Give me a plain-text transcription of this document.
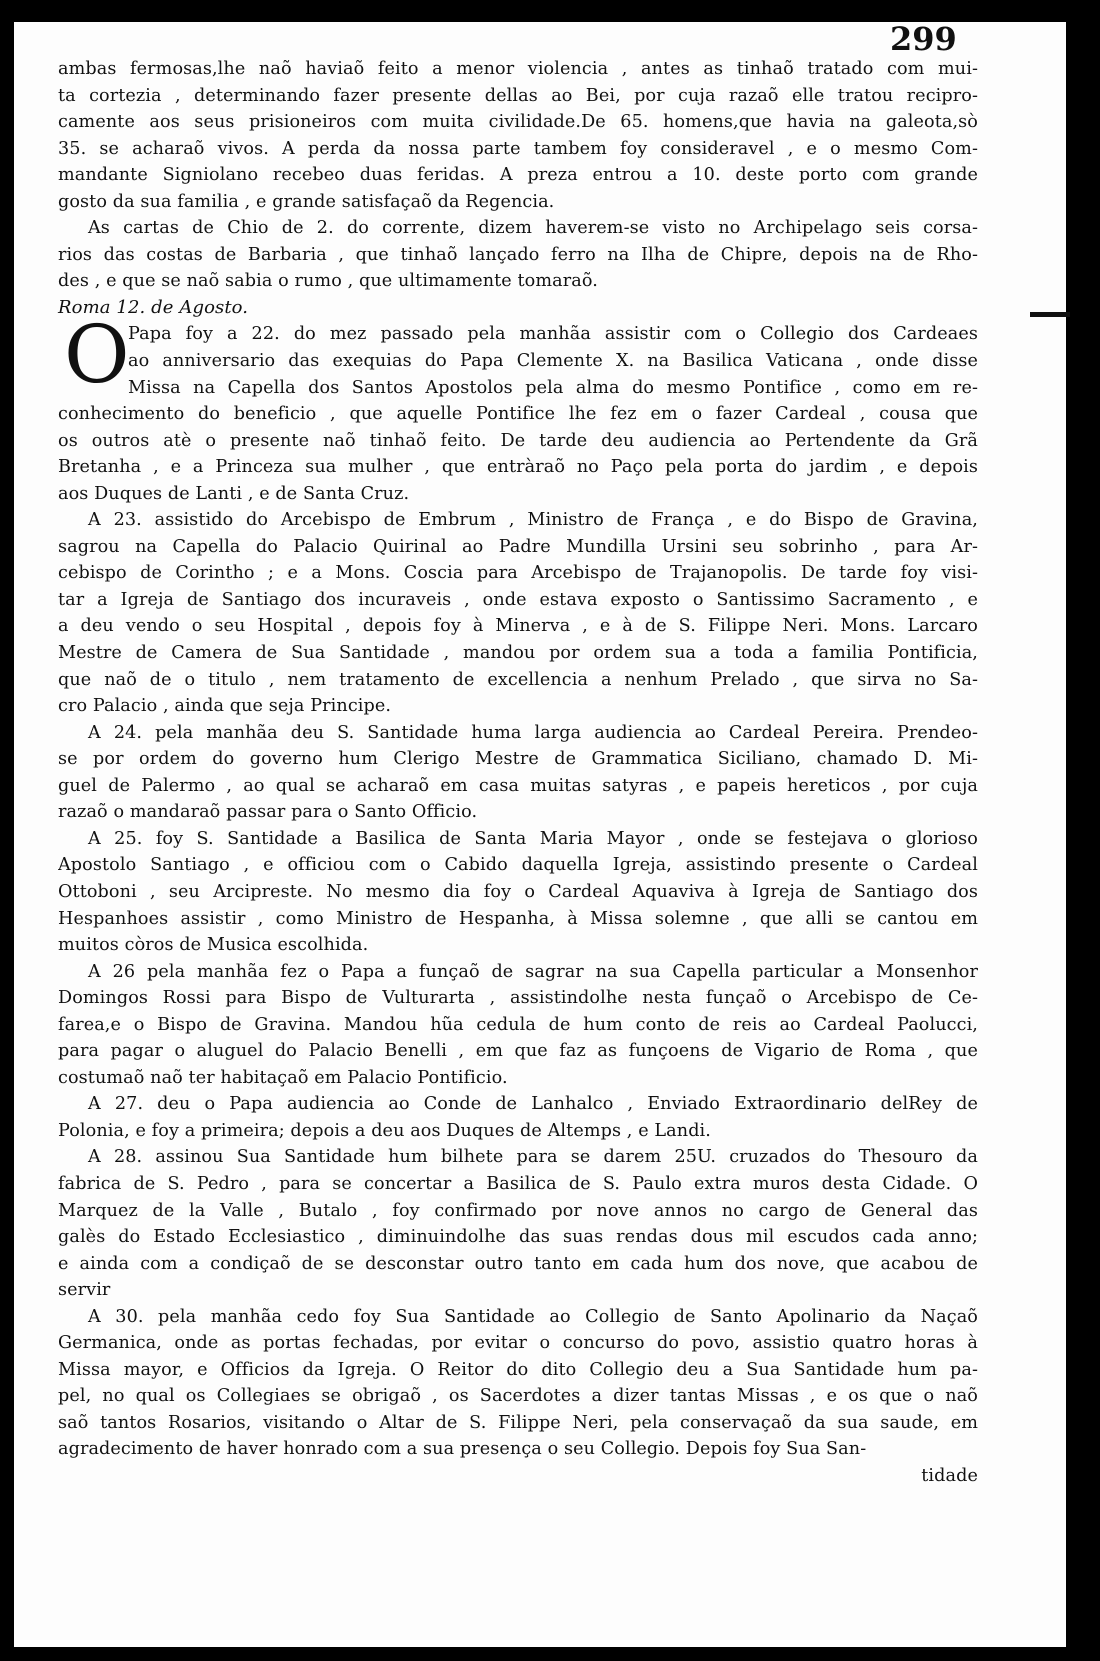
299

ambas fermosas,lhe naõ haviaõ feito a menor violencia , antes as tinhaõ tratado com mui-
ta cortezia , determinando fazer presente dellas ao Bei, por cuja razaõ elle tratou recipro-
camente aos seus prisioneiros com muita civilidade.De 65. homens,que havia na galeota,sò
35. se acharaõ vivos. A perda da nossa parte tambem foy consideravel , e o mesmo Com-
mandante Signiolano recebeo duas feridas. A preza entrou a 10. deste porto com grande
gosto da sua familia , e grande satisfaçaõ da Regencia.

As cartas de Chio de 2. do corrente, dizem haverem-se visto no Archipelago seis corsa-
rios das costas de Barbaria , que tinhaõ lançado ferro na Ilha de Chipre, depois na de Rho-
des , e que se naõ sabia o rumo , que ultimamente tomaraõ.

Roma 12. de Agosto.

O

Papa foy a 22. do mez passado pela manhãa assistir com o Collegio dos Cardeaes
ao anniversario das exequias do Papa Clemente X. na Basilica Vaticana , onde disse
Missa na Capella dos Santos Apostolos pela alma do mesmo Pontifice , como em re-

conhecimento do beneficio , que aquelle Pontifice lhe fez em o fazer Cardeal , cousa que
os outros atè o presente naõ tinhaõ feito. De tarde deu audiencia ao Pertendente da Grã
Bretanha , e a Princeza sua mulher , que entràraõ no Paço pela porta do jardim , e depois
aos Duques de Lanti , e de Santa Cruz.

A 23. assistido do Arcebispo de Embrum , Ministro de França , e do Bispo de Gravina,
sagrou na Capella do Palacio Quirinal ao Padre Mundilla Ursini seu sobrinho , para Ar-
cebispo de Corintho ; e a Mons. Coscia para Arcebispo de Trajanopolis. De tarde foy visi-
tar a Igreja de Santiago dos incuraveis , onde estava exposto o Santissimo Sacramento , e
a deu vendo o seu Hospital , depois foy à Minerva , e à de S. Filippe Neri. Mons. Larcaro
Mestre de Camera de Sua Santidade , mandou por ordem sua a toda a familia Pontificia,
que naõ de o titulo , nem tratamento de excellencia a nenhum Prelado , que sirva no Sa-
cro Palacio , ainda que seja Principe.

A 24. pela manhãa deu S. Santidade huma larga audiencia ao Cardeal Pereira. Prendeo-
se por ordem do governo hum Clerigo Mestre de Grammatica Siciliano, chamado D. Mi-
guel de Palermo , ao qual se acharaõ em casa muitas satyras , e papeis hereticos , por cuja
razaõ o mandaraõ passar para o Santo Officio.

A 25. foy S. Santidade a Basilica de Santa Maria Mayor , onde se festejava o glorioso
Apostolo Santiago , e officiou com o Cabido daquella Igreja, assistindo presente o Cardeal
Ottoboni , seu Arcipreste. No mesmo dia foy o Cardeal Aquaviva à Igreja de Santiago dos
Hespanhoes assistir , como Ministro de Hespanha, à Missa solemne , que alli se cantou em
muitos còros de Musica escolhida.

A 26 pela manhãa fez o Papa a funçaõ de sagrar na sua Capella particular a Monsenhor
Domingos Rossi para Bispo de Vulturarta , assistindolhe nesta funçaõ o Arcebispo de Ce-
farea,e o Bispo de Gravina. Mandou hũa cedula de hum conto de reis ao Cardeal Paolucci,
para pagar o aluguel do Palacio Benelli , em que faz as funçoens de Vigario de Roma , que
costumaõ naõ ter habitaçaõ em Palacio Pontificio.

A 27. deu o Papa audiencia ao Conde de Lanhalco , Enviado Extraordinario delRey de
Polonia, e foy a primeira; depois a deu aos Duques de Altemps , e Landi.

A 28. assinou Sua Santidade hum bilhete para se darem 25U. cruzados do Thesouro da
fabrica de S. Pedro , para se concertar a Basilica de S. Paulo extra muros desta Cidade. O
Marquez de la Valle , Butalo , foy confirmado por nove annos no cargo de General das
galès do Estado Ecclesiastico , diminuindolhe das suas rendas dous mil escudos cada anno;
e ainda com a condiçaõ de se desconstar outro tanto em cada hum dos nove, que acabou de
servir

A 30. pela manhãa cedo foy Sua Santidade ao Collegio de Santo Apolinario da Naçaõ
Germanica, onde as portas fechadas, por evitar o concurso do povo, assistio quatro horas à
Missa mayor, e Officios da Igreja. O Reitor do dito Collegio deu a Sua Santidade hum pa-
pel, no qual os Collegiaes se obrigaõ , os Sacerdotes a dizer tantas Missas , e os que o naõ
saõ tantos Rosarios, visitando o Altar de S. Filippe Neri, pela conservaçaõ da sua saude, em
agradecimento de haver honrado com a sua presença o seu Collegio. Depois foy Sua San-

tidade
